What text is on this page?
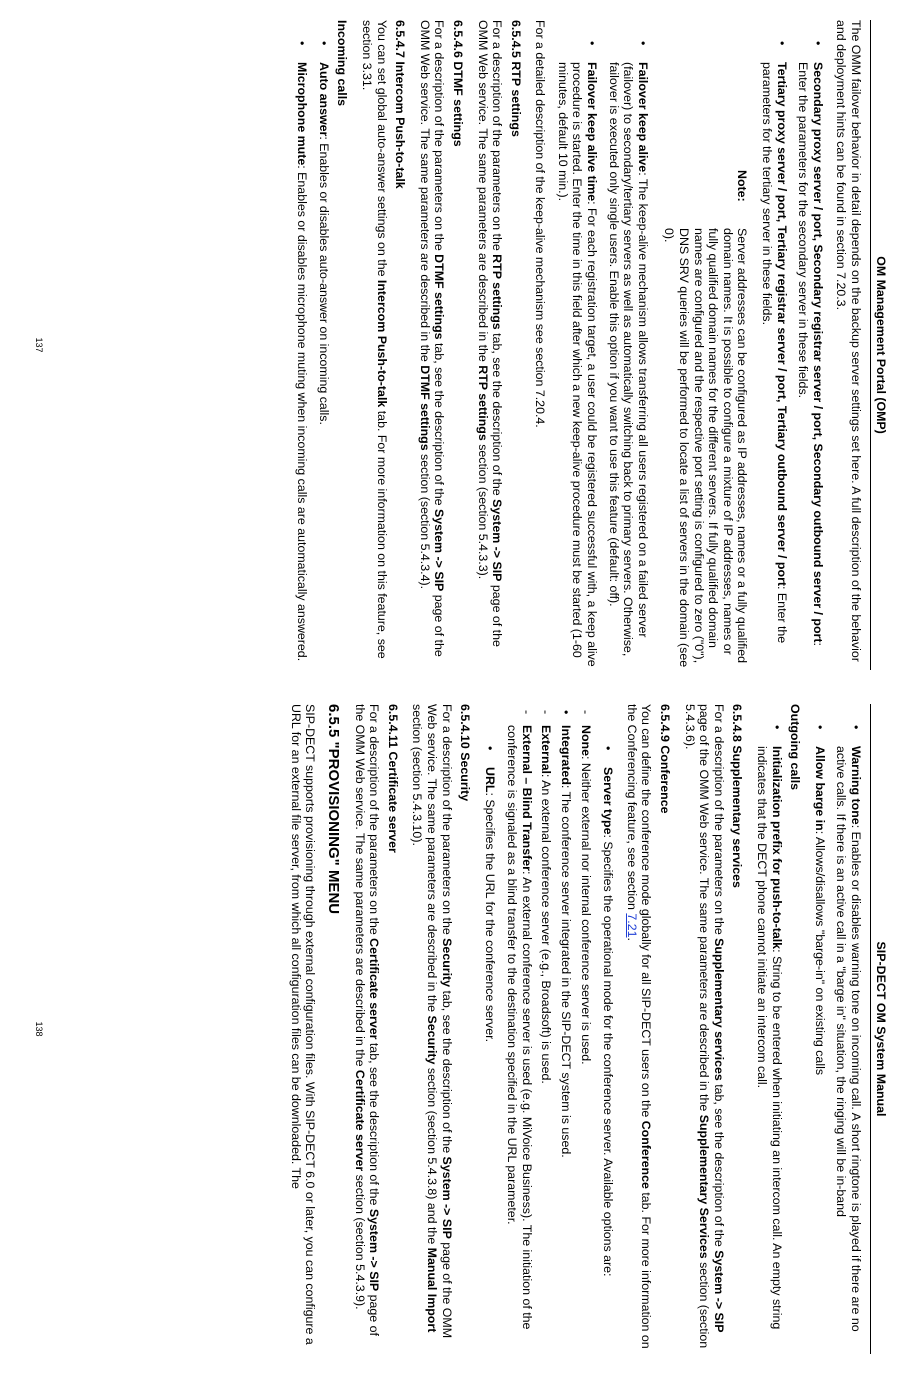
OM Management Portal (OMP)

The OMM failover behavior in detail depends on the backup server settings set here. A full description of the behavior and deployment hints can be found in section 7.20.3.

• Secondary proxy server / port, Secondary registrar server / port, Secondary outbound server / port: Enter the parameters for the secondary server in these fields.
• Tertiary proxy server / port, Tertiary registrar server / port, Tertiary outbound server / port: Enter the parameters for the tertiary server in these fields.
Note:
Server addresses can be configured as IP addresses, names or a fully qualified domain names. It is possible to configure a mixture of IP addresses, names or fully qualified domain names for the different servers. If fully qualified domain names are configured and the respective port setting is configured to zero ("0"), DNS SRV queries will be performed to locate a list of servers in the domain (see 0).
• Failover keep alive: The keep-alive mechanism allows transferring all users registered on a failed server (failover) to secondary/tertiary servers as well as automatically switching back to primary servers. Otherwise, failover is executed only single users. Enable this option if you want to use this feature (default: off).
• Failover keep alive time: For each registration target, a user could be registered successful with, a keep alive procedure is started. Enter the time in this field after which a new keep-alive procedure must be started (1-60 minutes, default 10 min.).

For a detailed description of the keep-alive mechanism see section 7.20.4.

6.5.4.5 RTP settings

For a description of the parameters on the RTP settings tab, see the description of the System -> SIP page of the OMM Web service. The same parameters are described in the RTP settings section (section 5.4.3.3).

6.5.4.6 DTMF settings

For a description of the parameters on the DTMF settings tab, see the description of the System -> SIP page of the OMM Web service. The same parameters are described in the DTMF settings section (section 5.4.3.4).

6.5.4.7 Intercom Push-to-talk

You can set global auto-answer settings on the Intercom Push-to-talk tab. For more information on this feature, see section 3.31.

Incoming calls
• Auto answer: Enables or disables auto-answer on incoming calls.
• Microphone mute: Enables or disables microphone muting when incoming calls are automatically answered.
137
SIP-DECT OM System Manual
• Warning tone: Enables or disables warning tone on incoming call. A short ringtone is played if there are no active calls. If there is an active call in a "barge in" situation, the ringing will be in-band
• Allow barge in: Allows/disallows "barge-in" on existing calls
Outgoing calls
• Initialization prefix for push-to-talk: String to be entered when initiating an intercom call. An empty string indicates that the DECT phone cannot initiate an intercom call.
6.5.4.8 Supplementary services

For a description of the parameters on the Supplementary services tab, see the description of the System -> SIP page of the OMM Web service. The same parameters are described in the Supplementary Services section (section 5.4.3.6).

6.5.4.9 Conference

You can define the conference mode globally for all SIP-DECT users on the Conference tab. For more information on the Conferencing feature, see section 7.21.

• Server type: Specifies the operational mode for the conference server. Available options are:
- None: Neither external nor internal conference server is used.
• Integrated: The conference server integrated in the SIP-DECT system is used.
- External: An external conference server (e.g., Broadsoft) is used.
- External – Blind Transfer: An external conference server is used (e.g. MiVoice Business). The initiation of the conference is signaled as a blind transfer to the destination specified in the URL parameter.
• URL: Specifies the URL for the conference server.
6.5.4.10 Security

For a description of the parameters on the Security tab, see the description of the System -> SIP page of the OMM Web service. The same parameters are described in the Security section (section 5.4.3.8) and the Manual Import section (section 5.4.3.10).

6.5.4.11 Certificate server

For a description of the parameters on the Certificate server tab, see the description of the System -> SIP page of the OMM Web service. The same parameters are described in the Certificate server section (section 5.4.3.9).

6.5.5 "PROVISIONING" MENU

SIP-DECT supports provisioning through external configuration files. With SIP-DECT 6.0 or later, you can configure a URL for an external file server, from which all configuration files can be downloaded. The

138
